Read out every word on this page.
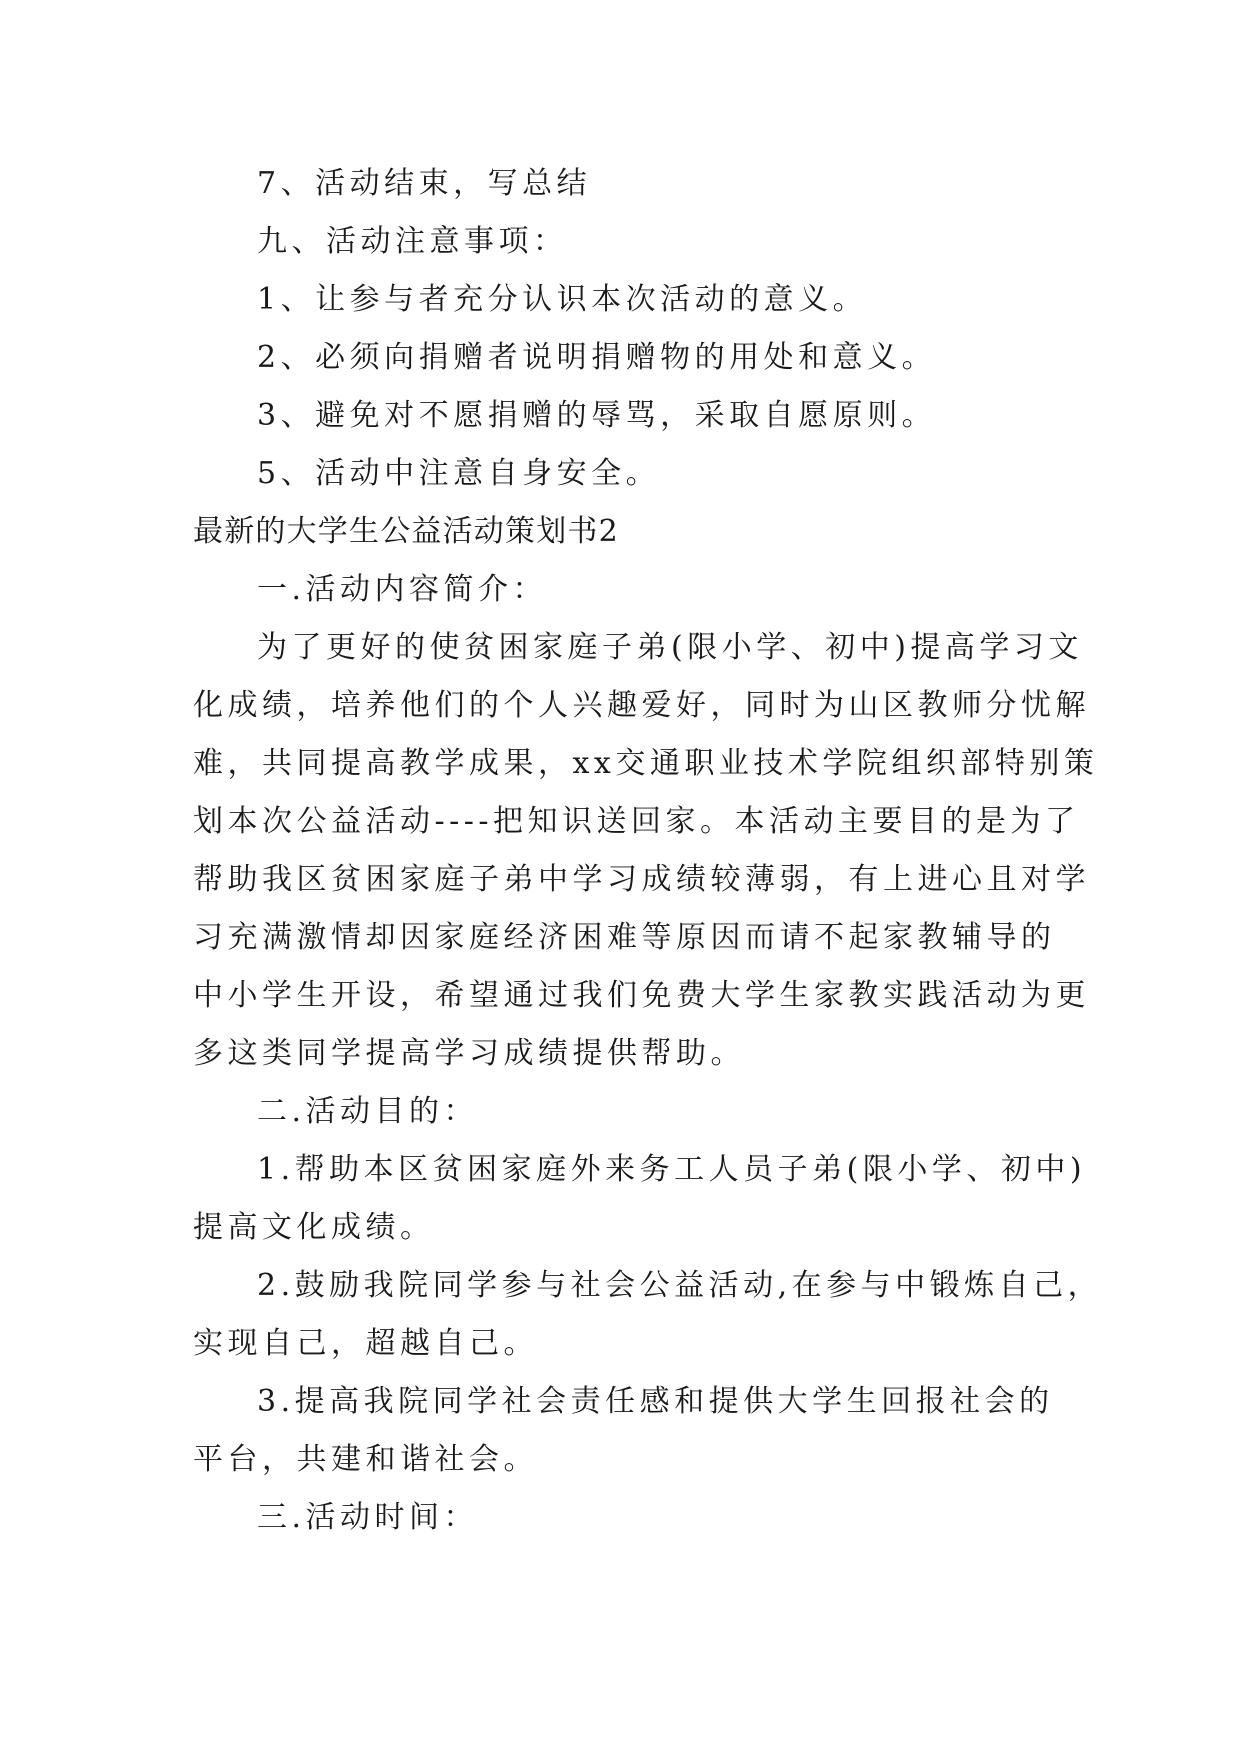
7、活动结束，写总结

九、活动注意事项：

1、让参与者充分认识本次活动的意义。

2、必须向捐赠者说明捐赠物的用处和意义。

3、避免对不愿捐赠的辱骂，采取自愿原则。

5、活动中注意自身安全。

最新的大学生公益活动策划书2

一.活动内容简介：

为了更好的使贫困家庭子弟(限小学、初中)提高学习文
化成绩，培养他们的个人兴趣爱好，同时为山区教师分忧解
难，共同提高教学成果，xx交通职业技术学院组织部特别策
划本次公益活动----把知识送回家。本活动主要目的是为了
帮助我区贫困家庭子弟中学习成绩较薄弱，有上进心且对学
习充满激情却因家庭经济困难等原因而请不起家教辅导的
中小学生开设，希望通过我们免费大学生家教实践活动为更
多这类同学提高学习成绩提供帮助。

二.活动目的：

1.帮助本区贫困家庭外来务工人员子弟(限小学、初中)
提高文化成绩。
2.鼓励我院同学参与社会公益活动,在参与中锻炼自己，
实现自己，超越自己。
3.提高我院同学社会责任感和提供大学生回报社会的
平台，共建和谐社会。

三.活动时间：
